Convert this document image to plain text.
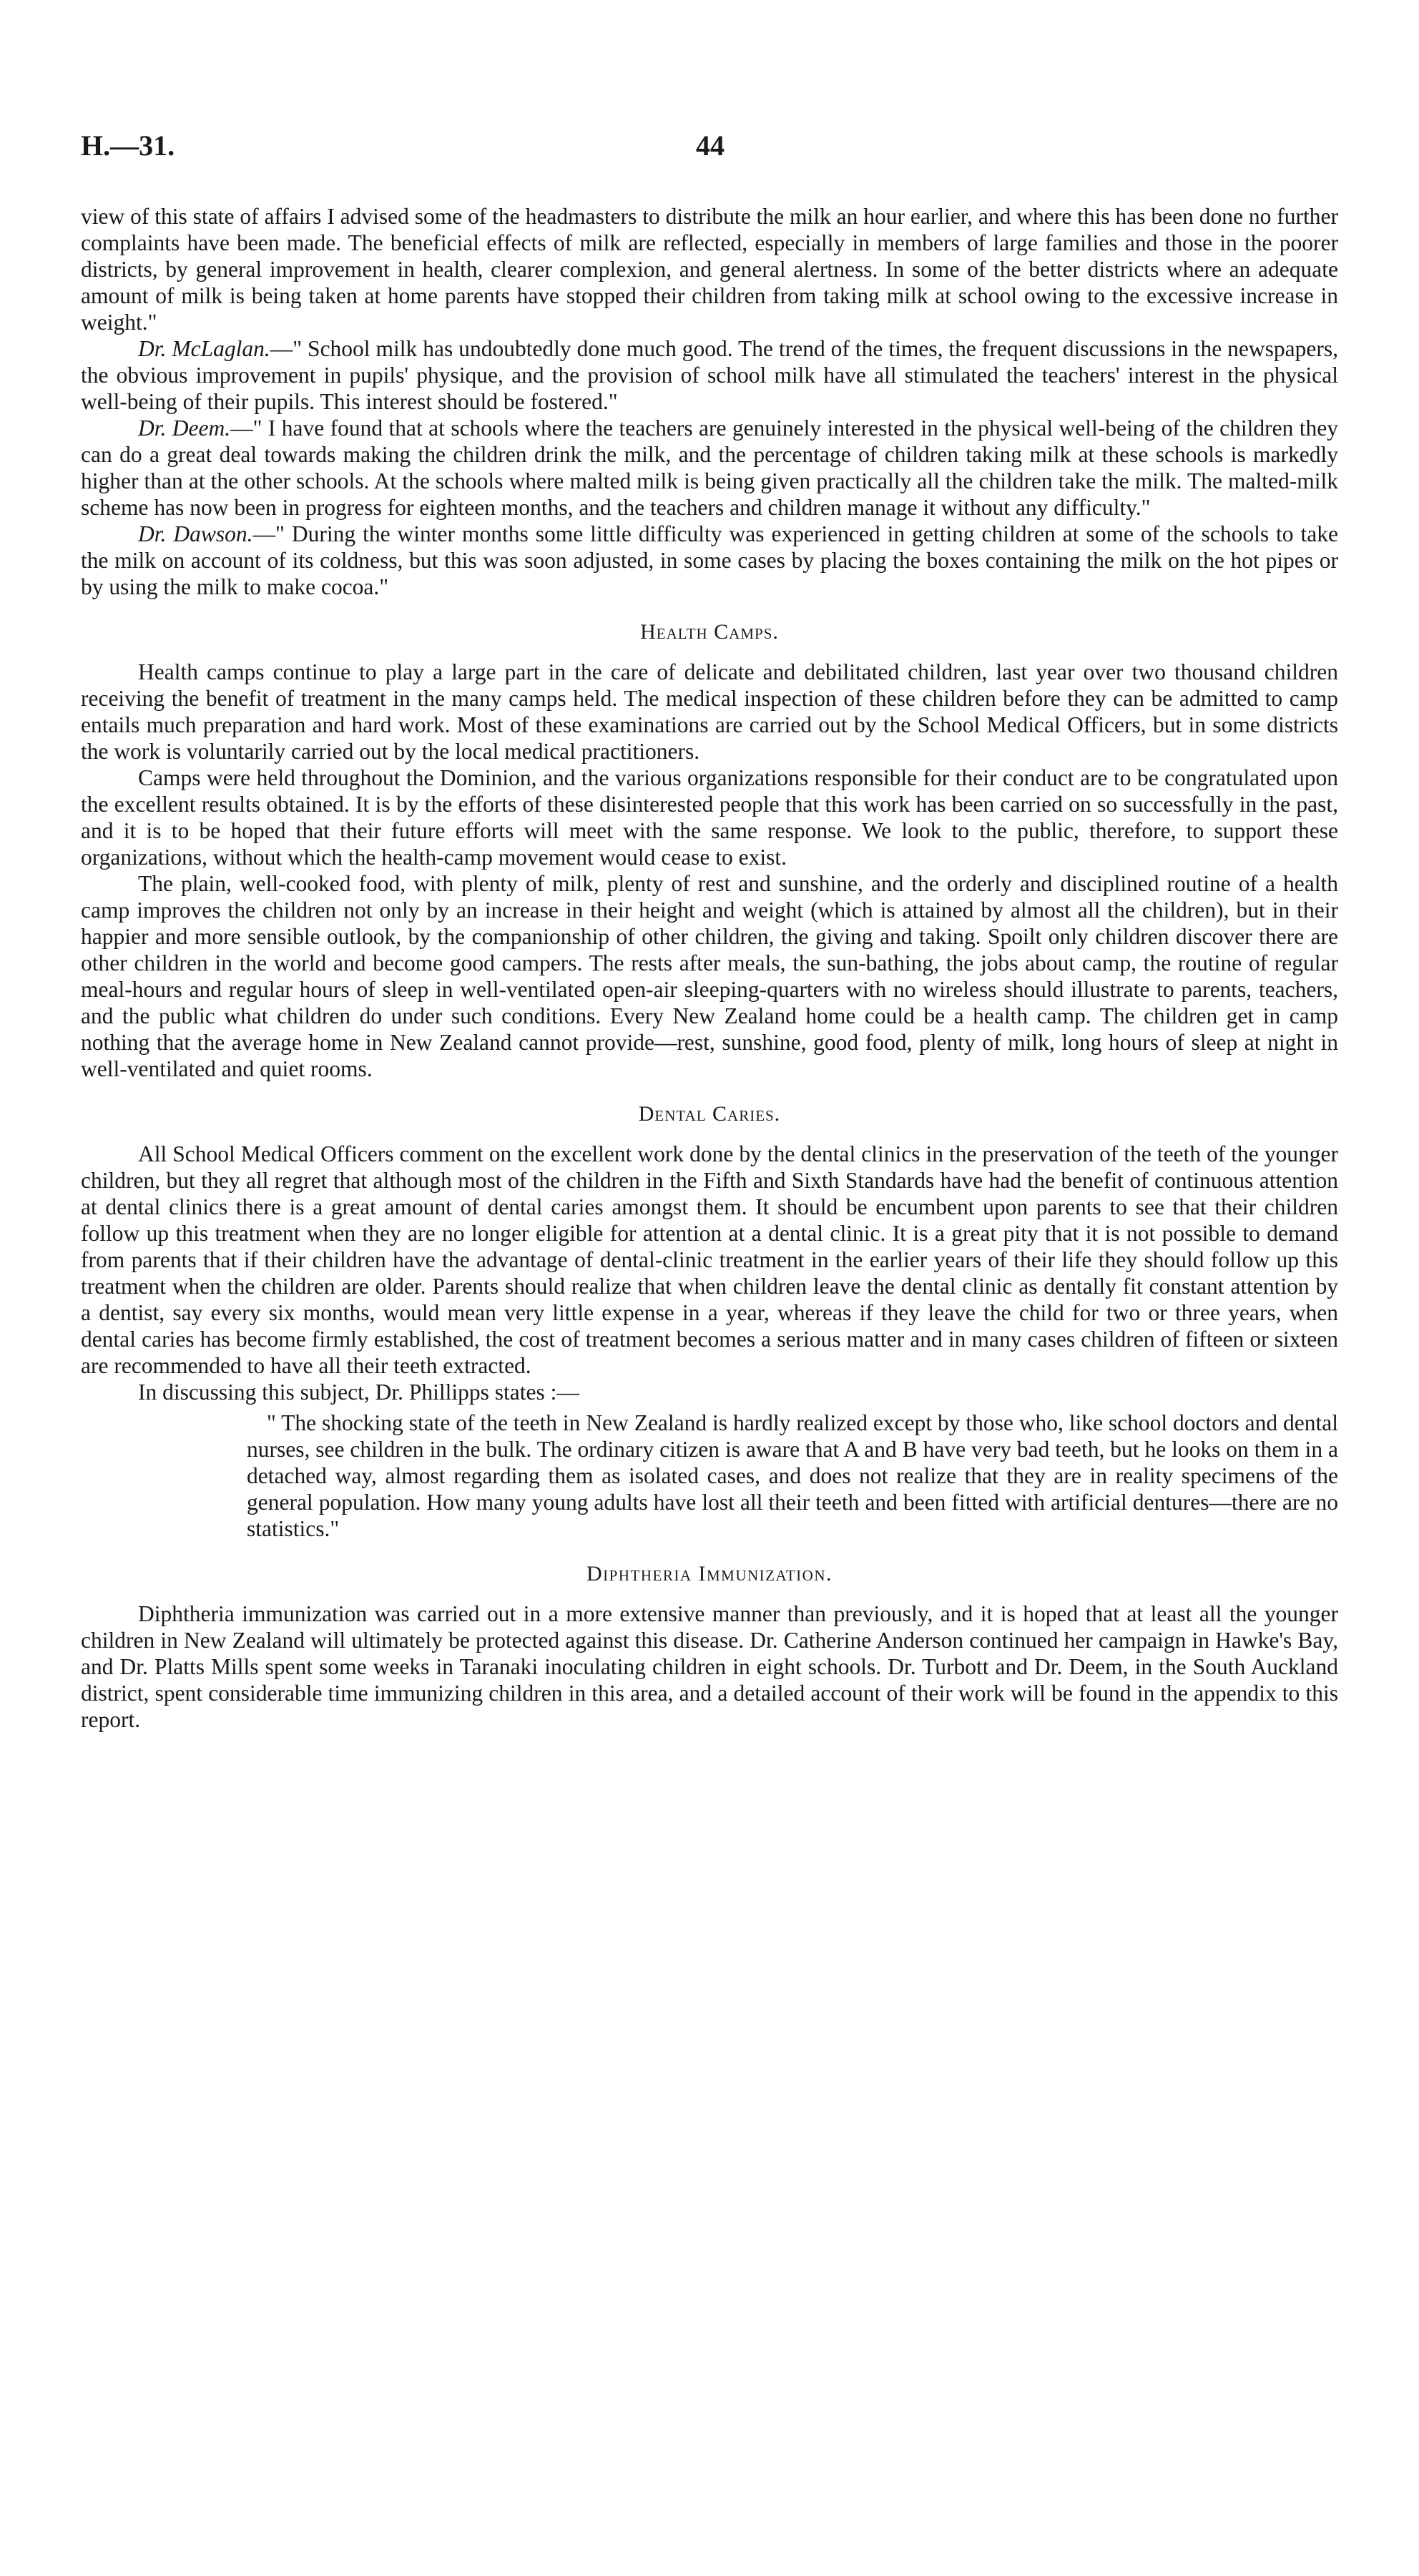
H.—31.	44

view of this state of affairs I advised some of the headmasters to distribute the milk an hour earlier, and where this has been done no further complaints have been made. The beneficial effects of milk are reflected, especially in members of large families and those in the poorer districts, by general improvement in health, clearer complexion, and general alertness. In some of the better districts where an adequate amount of milk is being taken at home parents have stopped their children from taking milk at school owing to the excessive increase in weight."

Dr. McLaglan.—" School milk has undoubtedly done much good. The trend of the times, the frequent discussions in the newspapers, the obvious improvement in pupils' physique, and the provision of school milk have all stimulated the teachers' interest in the physical well-being of their pupils. This interest should be fostered."

Dr. Deem.—" I have found that at schools where the teachers are genuinely interested in the physical well-being of the children they can do a great deal towards making the children drink the milk, and the percentage of children taking milk at these schools is markedly higher than at the other schools. At the schools where malted milk is being given practically all the children take the milk. The malted-milk scheme has now been in progress for eighteen months, and the teachers and children manage it without any difficulty."

Dr. Dawson.—" During the winter months some little difficulty was experienced in getting children at some of the schools to take the milk on account of its coldness, but this was soon adjusted, in some cases by placing the boxes containing the milk on the hot pipes or by using the milk to make cocoa."

Health Camps.

Health camps continue to play a large part in the care of delicate and debilitated children, last year over two thousand children receiving the benefit of treatment in the many camps held. The medical inspection of these children before they can be admitted to camp entails much preparation and hard work. Most of these examinations are carried out by the School Medical Officers, but in some districts the work is voluntarily carried out by the local medical practitioners.

Camps were held throughout the Dominion, and the various organizations responsible for their conduct are to be congratulated upon the excellent results obtained. It is by the efforts of these disinterested people that this work has been carried on so successfully in the past, and it is to be hoped that their future efforts will meet with the same response. We look to the public, therefore, to support these organizations, without which the health-camp movement would cease to exist.

The plain, well-cooked food, with plenty of milk, plenty of rest and sunshine, and the orderly and disciplined routine of a health camp improves the children not only by an increase in their height and weight (which is attained by almost all the children), but in their happier and more sensible outlook, by the companionship of other children, the giving and taking. Spoilt only children discover there are other children in the world and become good campers. The rests after meals, the sun-bathing, the jobs about camp, the routine of regular meal-hours and regular hours of sleep in well-ventilated open-air sleeping-quarters with no wireless should illustrate to parents, teachers, and the public what children do under such conditions. Every New Zealand home could be a health camp. The children get in camp nothing that the average home in New Zealand cannot provide—rest, sunshine, good food, plenty of milk, long hours of sleep at night in well-ventilated and quiet rooms.

Dental Caries.

All School Medical Officers comment on the excellent work done by the dental clinics in the preservation of the teeth of the younger children, but they all regret that although most of the children in the Fifth and Sixth Standards have had the benefit of continuous attention at dental clinics there is a great amount of dental caries amongst them. It should be encumbent upon parents to see that their children follow up this treatment when they are no longer eligible for attention at a dental clinic. It is a great pity that it is not possible to demand from parents that if their children have the advantage of dental-clinic treatment in the earlier years of their life they should follow up this treatment when the children are older. Parents should realize that when children leave the dental clinic as dentally fit constant attention by a dentist, say every six months, would mean very little expense in a year, whereas if they leave the child for two or three years, when dental caries has become firmly established, the cost of treatment becomes a serious matter and in many cases children of fifteen or sixteen are recommended to have all their teeth extracted.

In discussing this subject, Dr. Phillipps states :—

" The shocking state of the teeth in New Zealand is hardly realized except by those who, like school doctors and dental nurses, see children in the bulk. The ordinary citizen is aware that A and B have very bad teeth, but he looks on them in a detached way, almost regarding them as isolated cases, and does not realize that they are in reality specimens of the general population. How many young adults have lost all their teeth and been fitted with artificial dentures—there are no statistics."

Diphtheria Immunization.

Diphtheria immunization was carried out in a more extensive manner than previously, and it is hoped that at least all the younger children in New Zealand will ultimately be protected against this disease. Dr. Catherine Anderson continued her campaign in Hawke's Bay, and Dr. Platts Mills spent some weeks in Taranaki inoculating children in eight schools. Dr. Turbott and Dr. Deem, in the South Auckland district, spent considerable time immunizing children in this area, and a detailed account of their work will be found in the appendix to this report.
